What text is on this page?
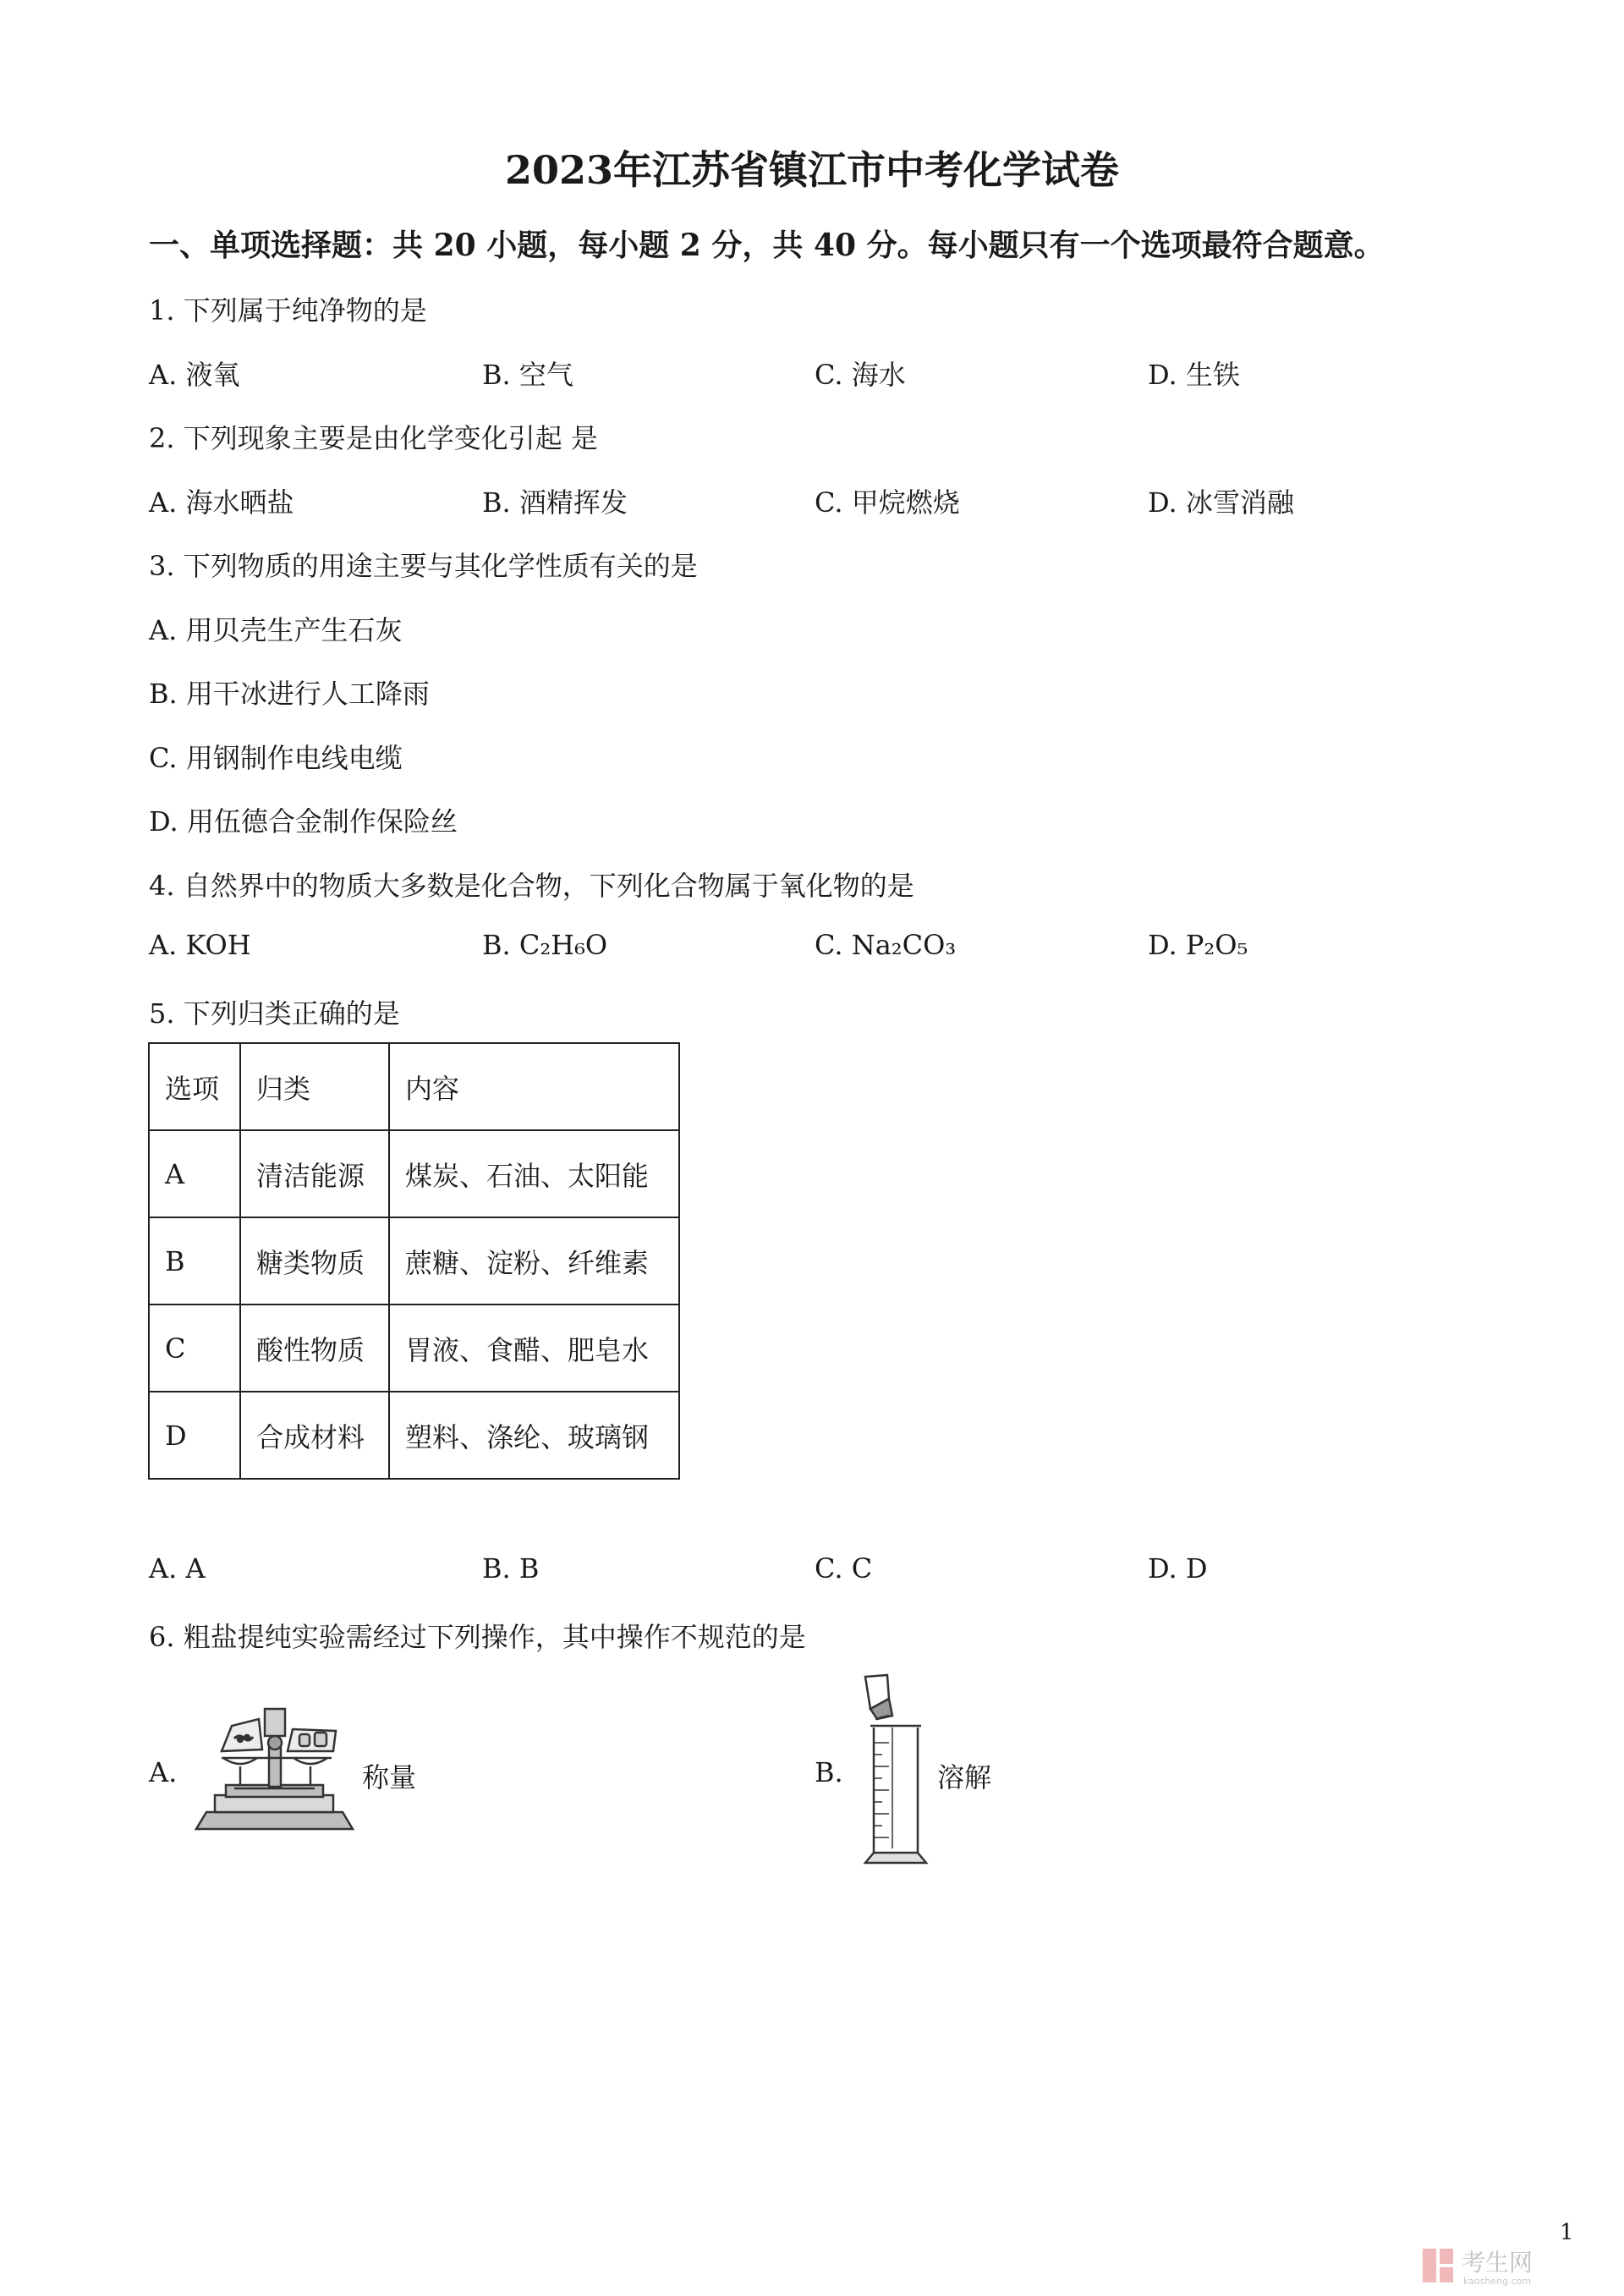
2023年江苏省镇江市中考化学试卷
一、单项选择题：共 20 小题，每小题 2 分，共 40 分。每小题只有一个选项最符合题意。
1. 下列属于纯净物的是
A. 液氧	B. 空气	C. 海水	D. 生铁
2. 下列现象主要是由化学变化引起 是
A. 海水晒盐	B. 酒精挥发	C. 甲烷燃烧	D. 冰雪消融
3. 下列物质的用途主要与其化学性质有关的是
A. 用贝壳生产生石灰
B. 用干冰进行人工降雨
C. 用钢制作电线电缆
D. 用伍德合金制作保险丝
4. 自然界中的物质大多数是化合物，下列化合物属于氧化物的是
A. KOH	B. C₂H₆O	C. Na₂CO₃	D. P₂O₅
5. 下列归类正确的是
选项	归类	内容
A	清洁能源	煤炭、石油、太阳能
B	糖类物质	蔗糖、淀粉、纤维素
C	酸性物质	胃液、食醋、肥皂水
D	合成材料	塑料、涤纶、玻璃钢
A. A	B. B	C. C	D. D
6. 粗盐提纯实验需经过下列操作，其中操作不规范的是
A.	称量	B.	溶解
1
考生网
kaosheng.com
